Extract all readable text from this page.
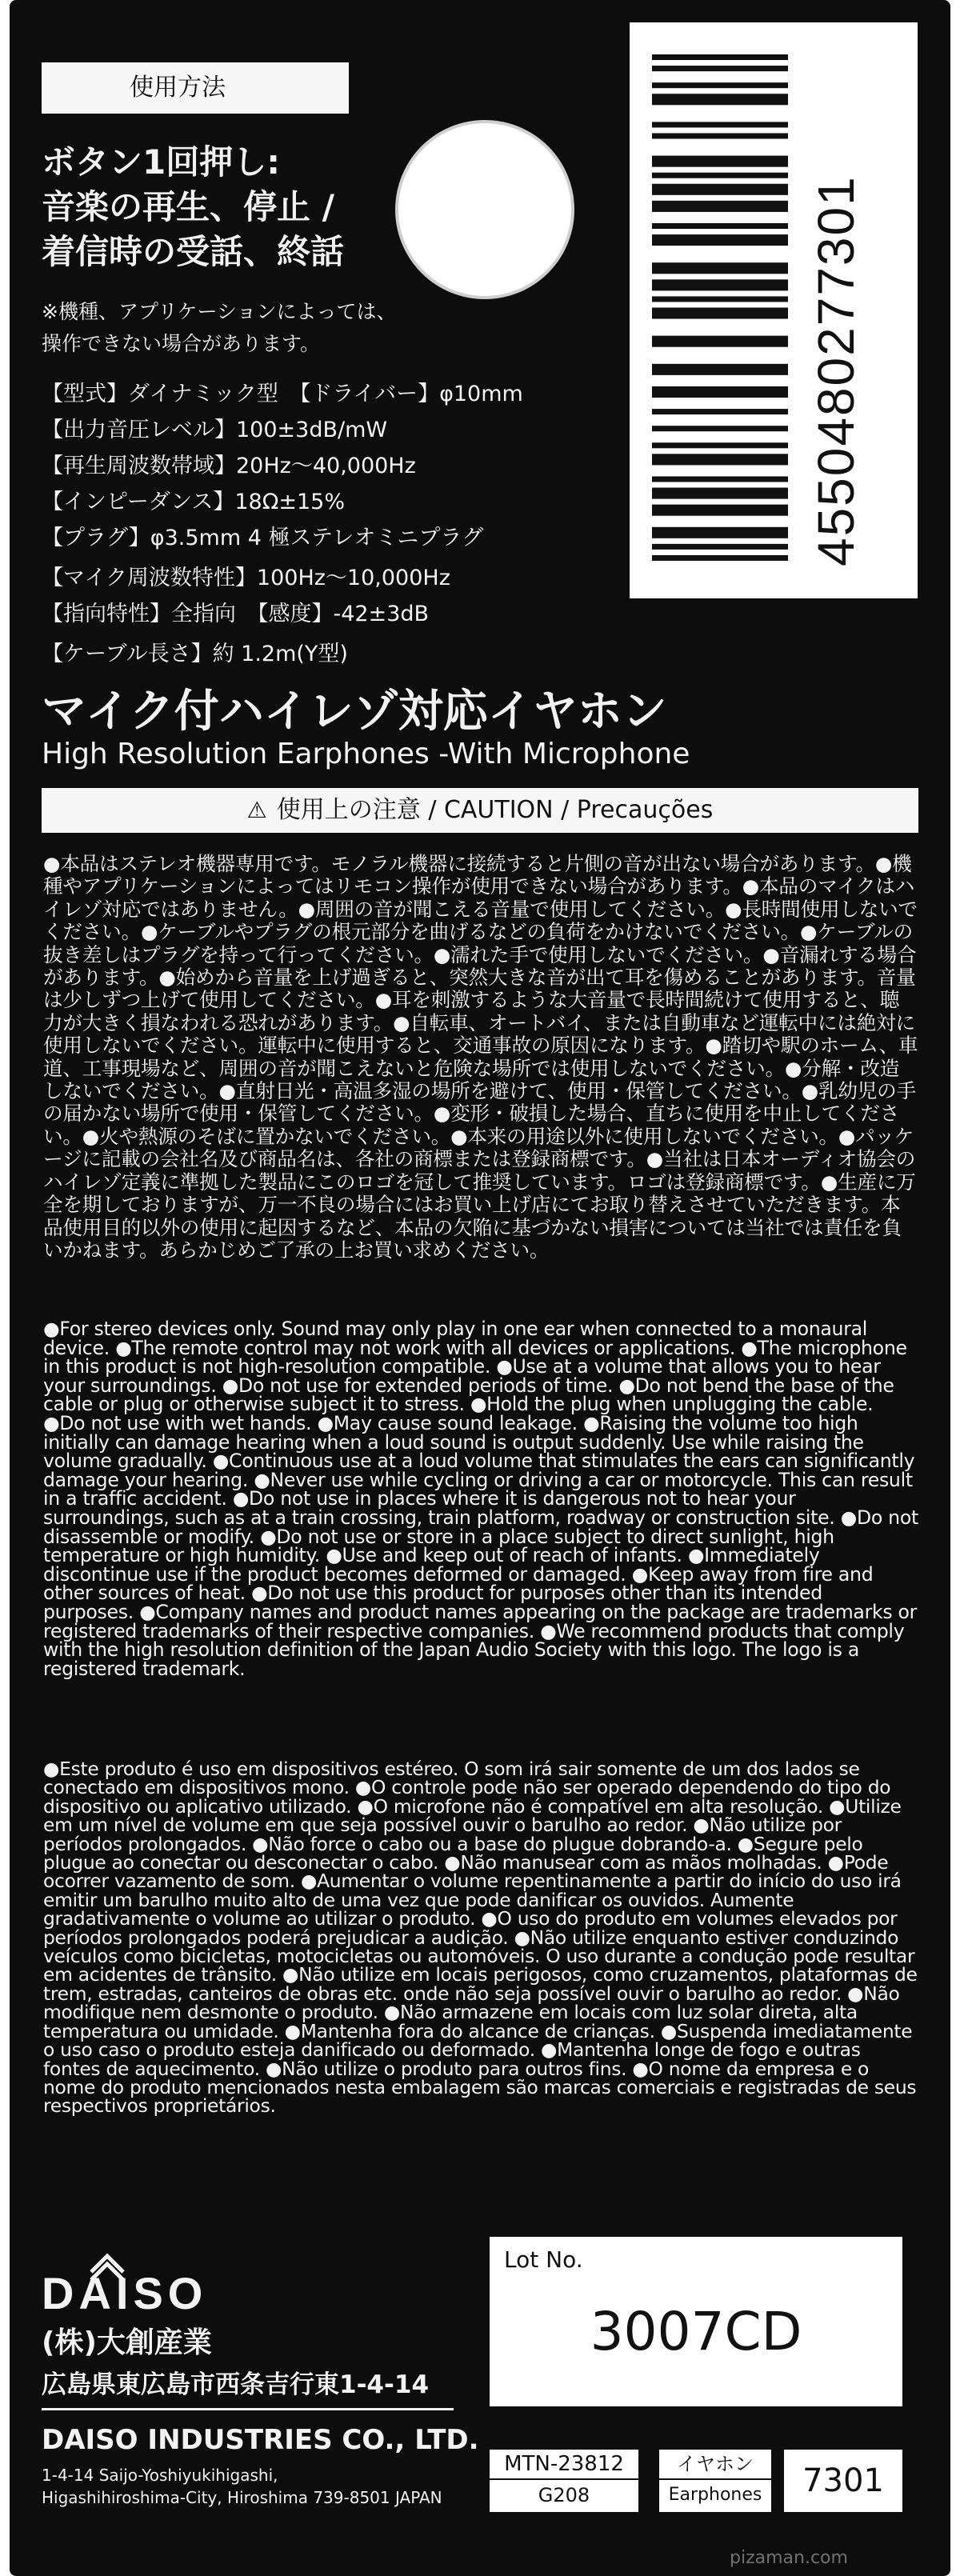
使用方法
ボタン1回押し:
音楽の再生、停止 /
着信時の受話、終話
※機種、アプリケーションによっては、
操作できない場合があります。
【型式】ダイナミック型　【ドライバー】φ10mm
【出力音圧レベル】100±3dB/mW
【再生周波数帯域】20Hz〜40,000Hz
【インピーダンス】18Ω±15%
【プラグ】φ3.5mm 4 極ステレオミニプラグ
【マイク周波数特性】100Hz〜10,000Hz
【指向特性】全指向　【感度】-42±3dB
【ケーブル長さ】約 1.2m(Y型)
4550480277301
マイク付ハイレゾ対応イヤホン
High Resolution Earphones -With Microphone
⚠ 使用上の注意 / CAUTION / Precauções
●本品はステレオ機器専用です。モノラル機器に接続すると片側の音が出ない場合があります。●機種やアプリケーションによってはリモコン操作が使用できない場合があります。●本品のマイクはハイレゾ対応ではありません。●周囲の音が聞こえる音量で使用してください。●長時間使用しないでください。●ケーブルやプラグの根元部分を曲げるなどの負荷をかけないでください。●ケーブルの抜き差しはプラグを持って行ってください。●濡れた手で使用しないでください。●音漏れする場合があります。●始めから音量を上げ過ぎると、突然大きな音が出て耳を傷めることがあります。音量は少しずつ上げて使用してください。●耳を刺激するような大音量で長時間続けて使用すると、聴力が大きく損なわれる恐れがあります。●自転車、オートバイ、または自動車など運転中には絶対に使用しないでください。運転中に使用すると、交通事故の原因になります。●踏切や駅のホーム、車道、工事現場など、周囲の音が聞こえないと危険な場所では使用しないでください。●分解・改造しないでください。●直射日光・高温多湿の場所を避けて、使用・保管してください。●乳幼児の手の届かない場所で使用・保管してください。●変形・破損した場合、直ちに使用を中止してください。●火や熱源のそばに置かないでください。●本来の用途以外に使用しないでください。●パッケージに記載の会社名及び商品名は、各社の商標または登録商標です。●当社は日本オーディオ協会のハイレゾ定義に準拠した製品にこのロゴを冠して推奨しています。ロゴは登録商標です。●生産に万全を期しておりますが、万一不良の場合にはお買い上げ店にてお取り替えさせていただきます。本品使用目的以外の使用に起因するなど、本品の欠陥に基づかない損害については当社では責任を負いかねます。あらかじめご了承の上お買い求めください。
●For stereo devices only. Sound may only play in one ear when connected to a monaural device. ●The remote control may not work with all devices or applications. ●The microphone in this product is not high-resolution compatible. ●Use at a volume that allows you to hear your surroundings. ●Do not use for extended periods of time. ●Do not bend the base of the cable or plug or otherwise subject it to stress. ●Hold the plug when unplugging the cable. ●Do not use with wet hands. ●May cause sound leakage. ●Raising the volume too high initially can damage hearing when a loud sound is output suddenly. Use while raising the volume gradually. ●Continuous use at a loud volume that stimulates the ears can significantly damage your hearing. ●Never use while cycling or driving a car or motorcycle. This can result in a traffic accident. ●Do not use in places where it is dangerous not to hear your surroundings, such as at a train crossing, train platform, roadway or construction site. ●Do not disassemble or modify. ●Do not use or store in a place subject to direct sunlight, high temperature or high humidity. ●Use and keep out of reach of infants. ●Immediately discontinue use if the product becomes deformed or damaged. ●Keep away from fire and other sources of heat. ●Do not use this product for purposes other than its intended purposes. ●Company names and product names appearing on the package are trademarks or registered trademarks of their respective companies. ●We recommend products that comply with the high resolution definition of the Japan Audio Society with this logo. The logo is a registered trademark.
●Este produto é uso em dispositivos estéreo. O som irá sair somente de um dos lados se conectado em dispositivos mono. ●O controle pode não ser operado dependendo do tipo do dispositivo ou aplicativo utilizado. ●O microfone não é compatível em alta resolução. ●Utilize em um nível de volume em que seja possível ouvir o barulho ao redor. ●Não utilize por períodos prolongados. ●Não force o cabo ou a base do plugue dobrando-a. ●Segure pelo plugue ao conectar ou desconectar o cabo. ●Não manusear com as mãos molhadas. ●Pode ocorrer vazamento de som. ●Aumentar o volume repentinamente a partir do início do uso irá emitir um barulho muito alto de uma vez que pode danificar os ouvidos. Aumente gradativamente o volume ao utilizar o produto. ●O uso do produto em volumes elevados por períodos prolongados poderá prejudicar a audição. ●Não utilize enquanto estiver conduzindo veículos como bicicletas, motocicletas ou automóveis. O uso durante a condução pode resultar em acidentes de trânsito. ●Não utilize em locais perigosos, como cruzamentos, plataformas de trem, estradas, canteiros de obras etc. onde não seja possível ouvir o barulho ao redor. ●Não modifique nem desmonte o produto. ●Não armazene em locais com luz solar direta, alta temperatura ou umidade. ●Mantenha fora do alcance de crianças. ●Suspenda imediatamente o uso caso o produto esteja danificado ou deformado. ●Mantenha longe de fogo e outras fontes de aquecimento. ●Não utilize o produto para outros fins. ●O nome da empresa e o nome do produto mencionados nesta embalagem são marcas comerciais e registradas de seus respectivos proprietários.
DAISO
(株)大創産業
広島県東広島市西条吉行東1-4-14
DAISO INDUSTRIES CO., LTD.
1-4-14 Saijo-Yoshiyukihigashi,
Higashihiroshima-City, Hiroshima 739-8501 JAPAN
Lot No.
3007CD
MTN-23812
G208
イヤホン
Earphones	7301
pizaman.com
